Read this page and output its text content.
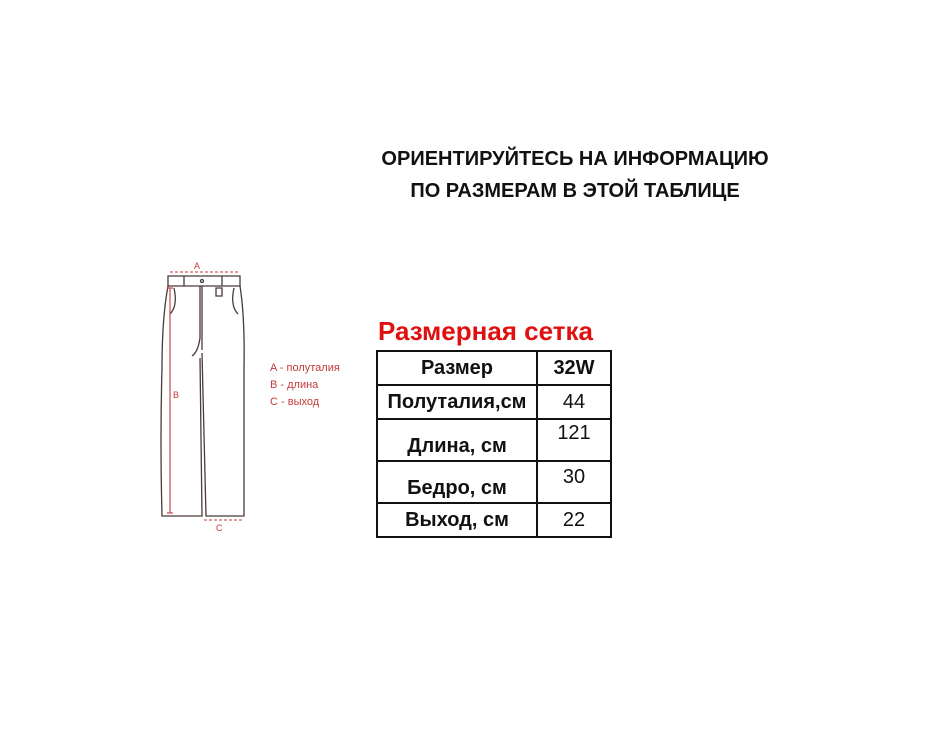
ОРИЕНТИРУЙТЕСЬ НА ИНФОРМАЦИЮ
ПО РАЗМЕРАМ В ЭТОЙ ТАБЛИЦЕ
A
B
C
A - полуталия
B - длина
C - выход
Размерная сетка
Размер	32W
Полуталия,см	44
Длина, см	121
Бедро, см	30
Выход, см	22
